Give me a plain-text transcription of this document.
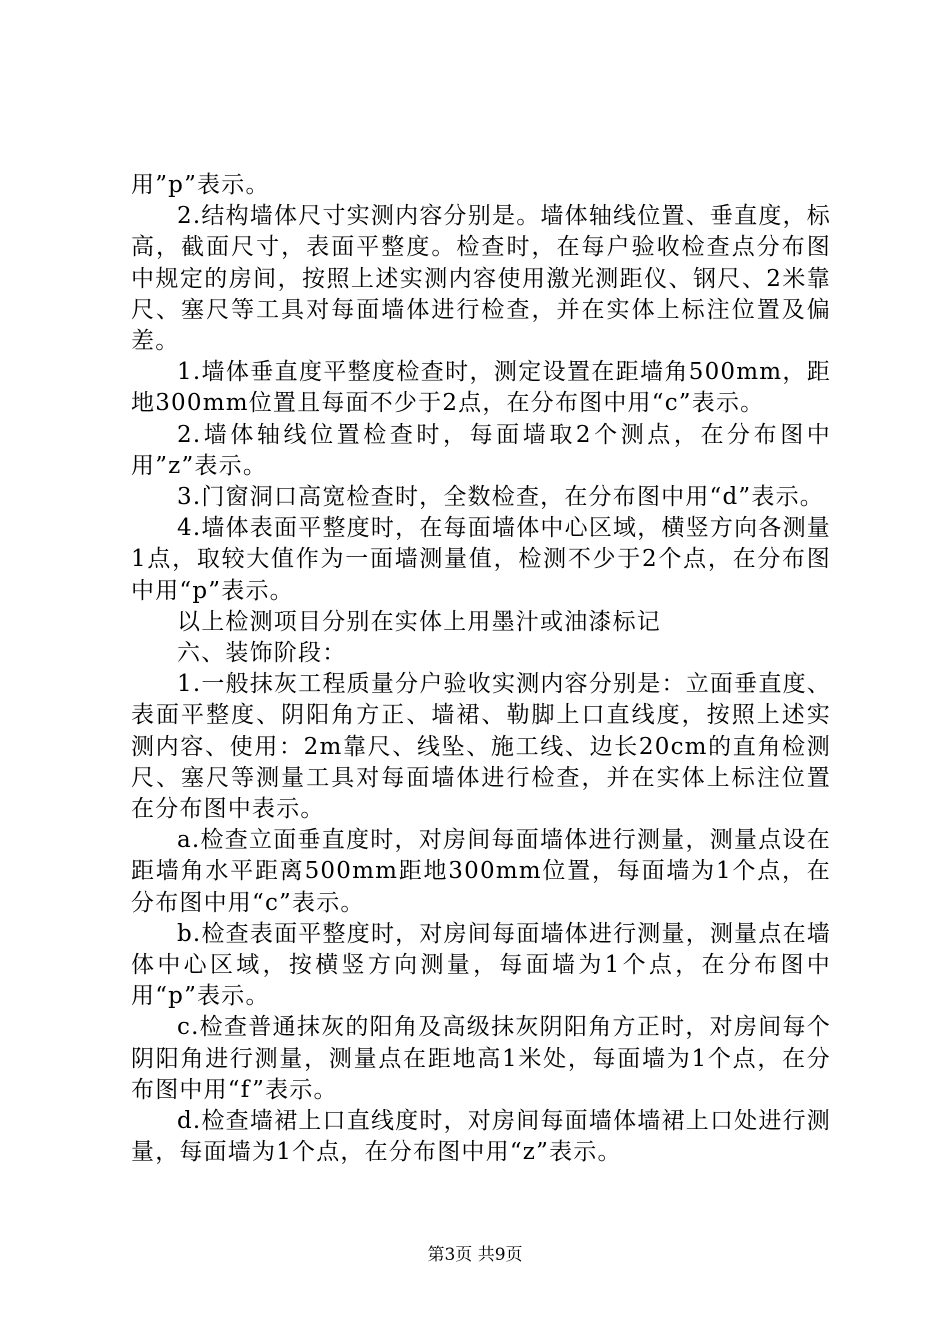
用”p”表示。

2.结构墙体尺寸实测内容分别是。墙体轴线位置、垂直度，标高，截面尺寸，表面平整度。检查时，在每户验收检查点分布图中规定的房间，按照上述实测内容使用激光测距仪、钢尺、2米靠尺、塞尺等工具对每面墙体进行检查，并在实体上标注位置及偏差。

1.墙体垂直度平整度检查时，测定设置在距墙角500mm，距地300mm位置且每面不少于2点，在分布图中用“c”表示。

2.墙体轴线位置检查时，每面墙取2个测点，在分布图中用”z”表示。

3.门窗洞口高宽检查时，全数检查，在分布图中用“d”表示。

4.墙体表面平整度时，在每面墙体中心区域，横竖方向各测量1点，取较大值作为一面墙测量值，检测不少于2个点，在分布图中用“p”表示。

以上检测项目分别在实体上用墨汁或油漆标记

六、装饰阶段：

1.一般抹灰工程质量分户验收实测内容分别是：立面垂直度、表面平整度、阴阳角方正、墙裙、勒脚上口直线度，按照上述实测内容、使用：2m靠尺、线坠、施工线、边长20cm的直角检测尺、塞尺等测量工具对每面墙体进行检查，并在实体上标注位置在分布图中表示。

a.检查立面垂直度时，对房间每面墙体进行测量，测量点设在距墙角水平距离500mm距地300mm位置，每面墙为1个点，在分布图中用“c”表示。

b.检查表面平整度时，对房间每面墙体进行测量，测量点在墙体中心区域，按横竖方向测量，每面墙为1个点，在分布图中用“p”表示。

c.检查普通抹灰的阳角及高级抹灰阴阳角方正时，对房间每个阴阳角进行测量，测量点在距地高1米处，每面墙为1个点，在分布图中用“f”表示。

d.检查墙裙上口直线度时，对房间每面墙体墙裙上口处进行测量，每面墙为1个点，在分布图中用“z”表示。

第3页 共9页
